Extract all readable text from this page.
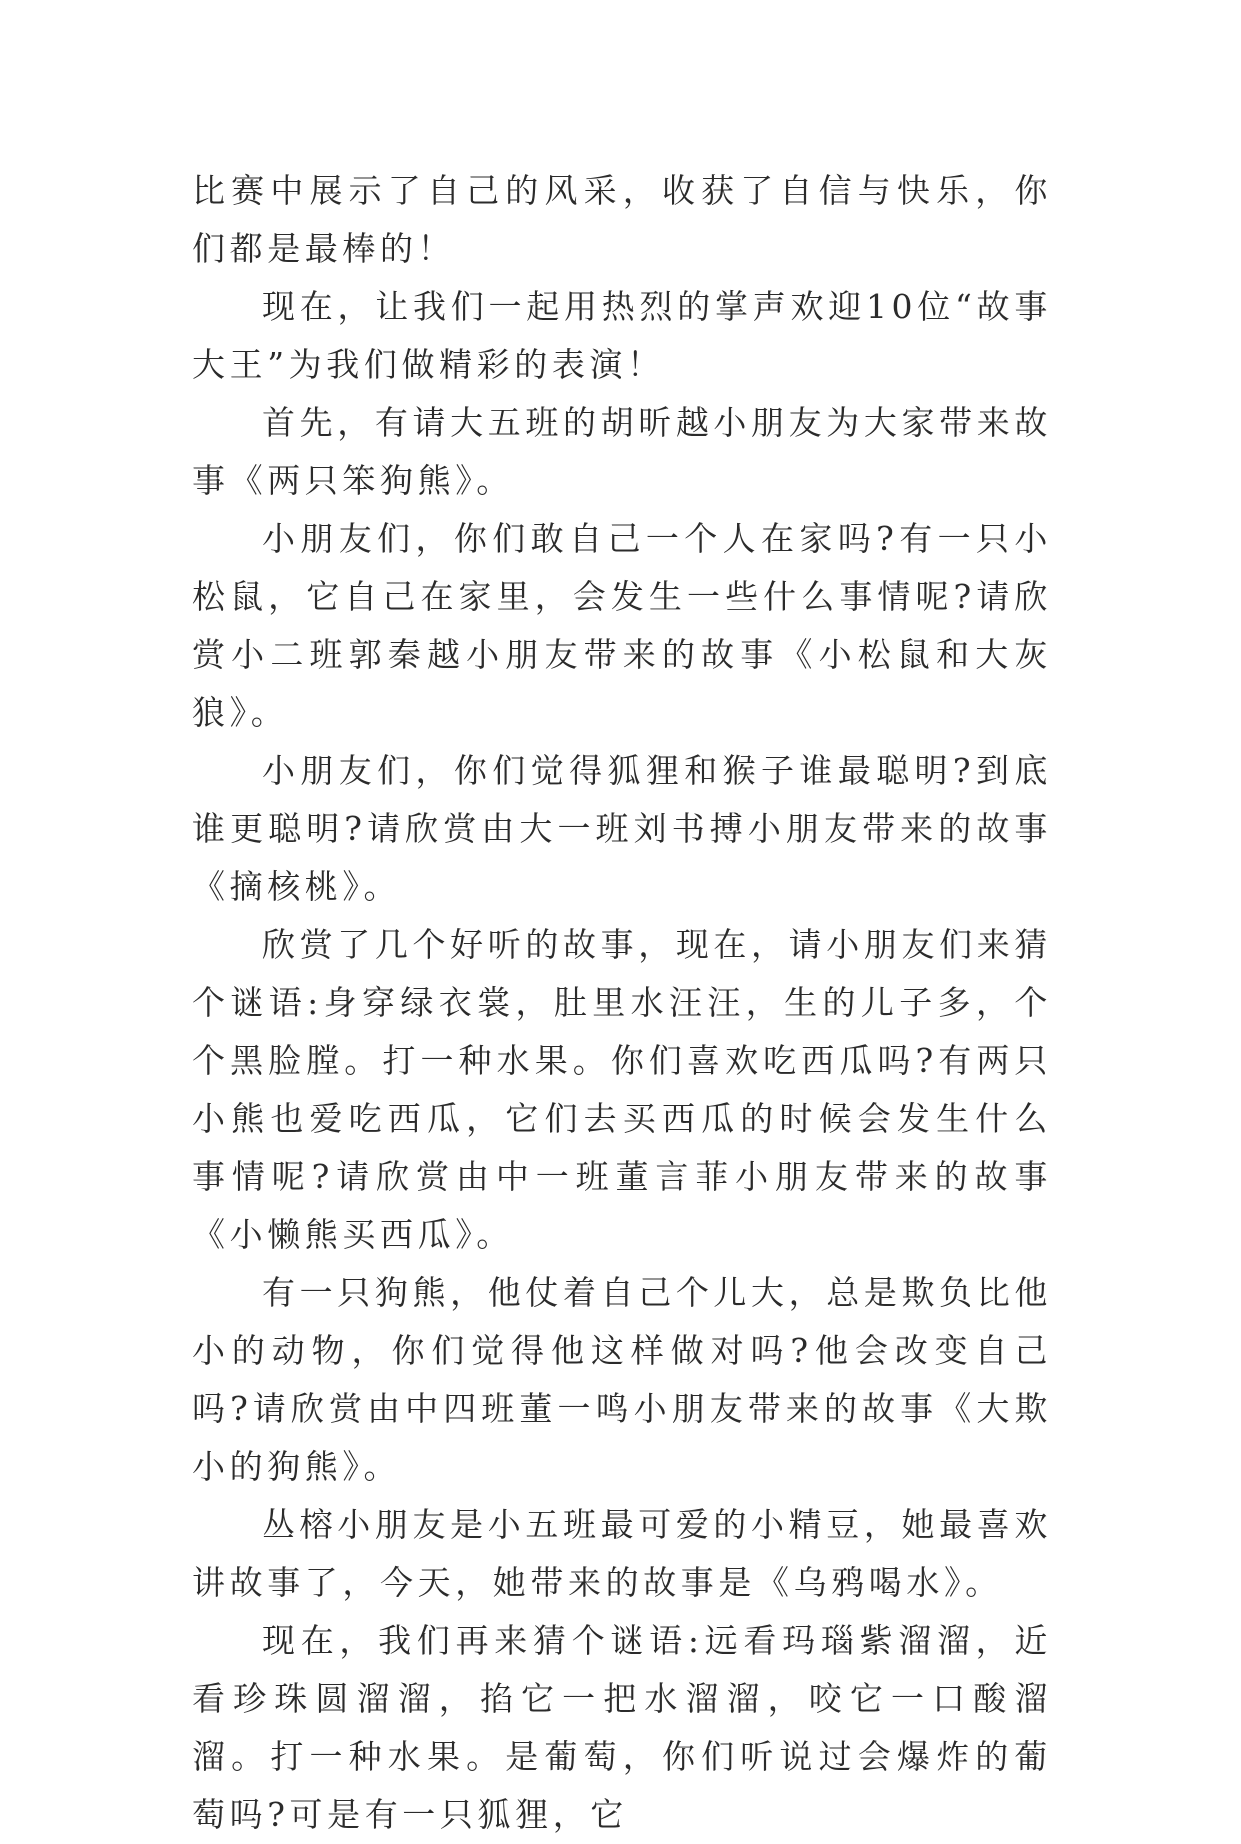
比赛中展示了自己的风采，收获了自信与快乐，你们都是最棒的！

现在，让我们一起用热烈的掌声欢迎10位“故事大王”为我们做精彩的表演！

首先，有请大五班的胡昕越小朋友为大家带来故事《两只笨狗熊》。

小朋友们，你们敢自己一个人在家吗?有一只小松鼠，它自己在家里，会发生一些什么事情呢?请欣赏小二班郭秦越小朋友带来的故事《小松鼠和大灰狼》。

小朋友们，你们觉得狐狸和猴子谁最聪明?到底谁更聪明?请欣赏由大一班刘书搏小朋友带来的故事《摘核桃》。

欣赏了几个好听的故事，现在，请小朋友们来猜个谜语:身穿绿衣裳，肚里水汪汪，生的儿子多，个个黑脸膛。打一种水果。你们喜欢吃西瓜吗?有两只小熊也爱吃西瓜，它们去买西瓜的时候会发生什么事情呢?请欣赏由中一班董言菲小朋友带来的故事《小懒熊买西瓜》。

有一只狗熊，他仗着自己个儿大，总是欺负比他小的动物，你们觉得他这样做对吗?他会改变自己吗?请欣赏由中四班董一鸣小朋友带来的故事《大欺小的狗熊》。

丛榕小朋友是小五班最可爱的小精豆，她最喜欢讲故事了，今天，她带来的故事是《乌鸦喝水》。

现在，我们再来猜个谜语:远看玛瑙紫溜溜，近看珍珠圆溜溜，掐它一把水溜溜，咬它一口酸溜溜。打一种水果。是葡萄，你们听说过会爆炸的葡萄吗?可是有一只狐狸，它
